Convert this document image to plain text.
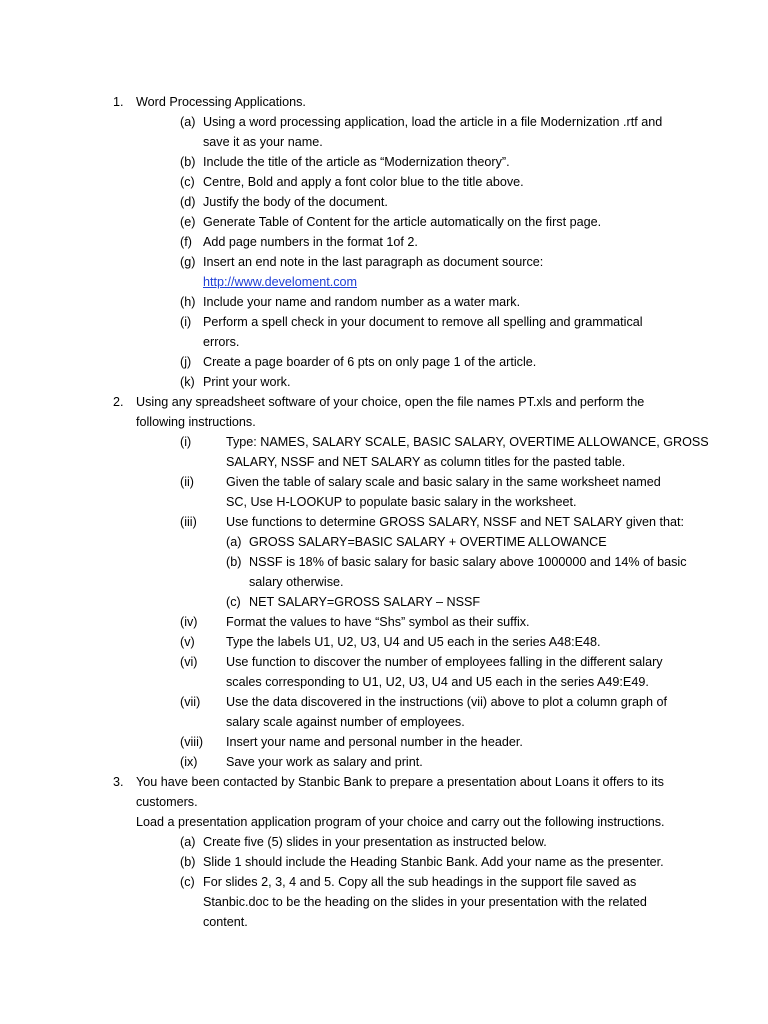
1. Word Processing Applications.
(a) Using a word processing application, load the article in a file Modernization .rtf and
save it as your name.
(b) Include the title of the article as “Modernization theory”.
(c) Centre, Bold and apply a font color blue to the title above.
(d) Justify the body of the document.
(e) Generate Table of Content for the article automatically on the first page.
(f) Add page numbers in the format 1of 2.
(g) Insert an end note in the last paragraph as document source:
http://www.develoment.com
(h) Include your name and random number as a water mark.
(i) Perform a spell check in your document to remove all spelling and grammatical
errors.
(j) Create a page boarder of 6 pts on only page 1 of the article.
(k) Print your work.
2. Using any spreadsheet software of your choice, open the file names PT.xls and perform the
following instructions.
(i)	Type: NAMES, SALARY SCALE, BASIC SALARY, OVERTIME ALLOWANCE, GROSS
SALARY, NSSF and NET SALARY as column titles for the pasted table.
(ii)	Given the table of salary scale and basic salary in the same worksheet named
SC, Use H-LOOKUP to populate basic salary in the worksheet.
(iii) Use functions to determine GROSS SALARY, NSSF and NET SALARY given that:
(a) GROSS SALARY=BASIC SALARY + OVERTIME ALLOWANCE
(b) NSSF is 18% of basic salary for basic salary above 1000000 and 14% of basic
salary otherwise.
(c) NET SALARY=GROSS SALARY – NSSF
(iv) Format the values to have “Shs” symbol as their suffix.
(v) Type the labels U1, U2, U3, U4 and U5 each in the series A48:E48.
(vi) Use function to discover the number of employees falling in the different salary
scales corresponding to U1, U2, U3, U4 and U5 each in the series A49:E49.
(vii) Use the data discovered in the instructions (vii) above to plot a column graph of
salary scale against number of employees.
(viii) Insert your name and personal number in the header.
(ix) Save your work as salary and print.
3. You have been contacted by Stanbic Bank to prepare a presentation about Loans it offers to its
customers.
Load a presentation application program of your choice and carry out the following instructions.
(a) Create five (5) slides in your presentation as instructed below.
(b) Slide 1 should include the Heading Stanbic Bank. Add your name as the presenter.
(c) For slides 2, 3, 4 and 5. Copy all the sub headings in the support file saved as
Stanbic.doc to be the heading on the slides in your presentation with the related
content.
